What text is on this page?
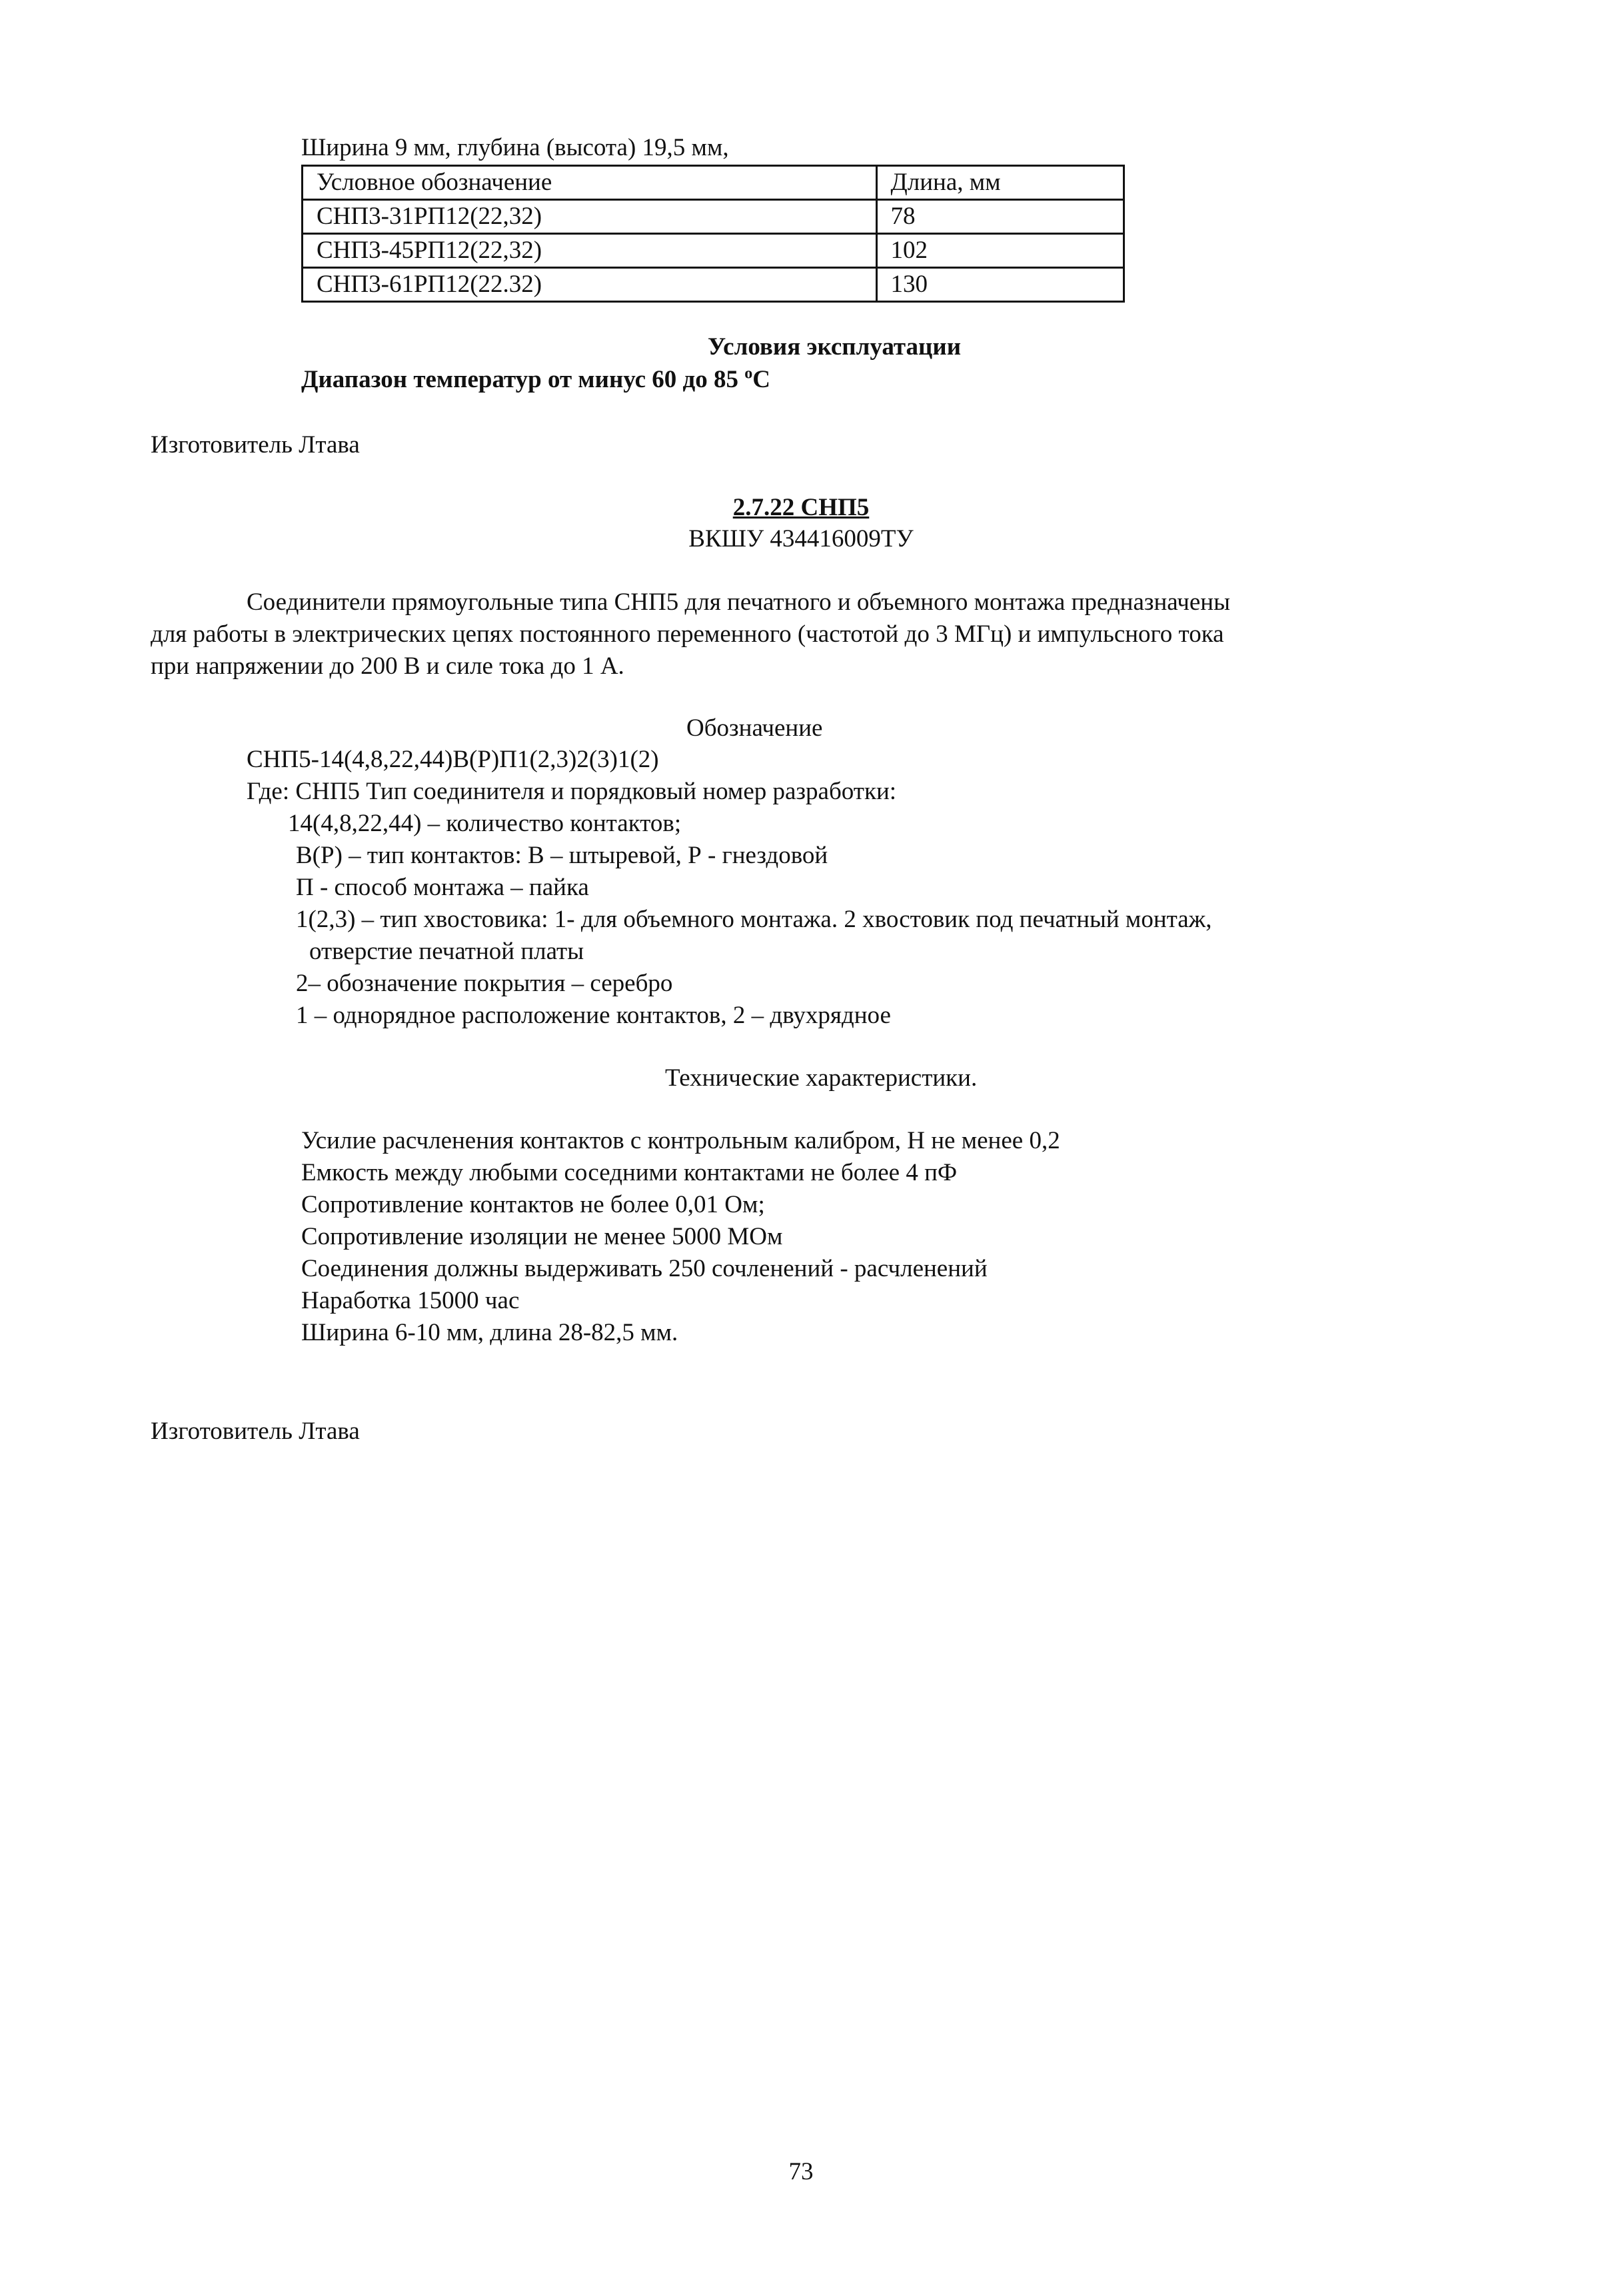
Ширина 9 мм, глубина (высота) 19,5 мм,
Условное обозначение	Длина, мм
СНП3-31РП12(22,32)	78
СНП3-45РП12(22,32)	102
СНП3-61РП12(22.32)	130
Условия эксплуатации
Диапазон температур от минус 60 до 85 $^o$C
Изготовитель Лтава
2.7.22 СНП5
ВКШУ 434416009ТУ
Соединители прямоугольные типа СНП5 для печатного и объемного монтажа предназначены
для работы в электрических цепях постоянного переменного (частотой до 3 МГц) и импульсного тока
при напряжении до 200 В и силе тока до 1 А.
Обозначение
СНП5-14(4,8,22,44)В(Р)П1(2,3)2(3)1(2)
Где: СНП5 Тип соединителя и порядковый номер разработки:
14(4,8,22,44) – количество контактов;
В(Р) – тип контактов: В – штыревой, Р - гнездовой
П - способ монтажа – пайка
1(2,3) – тип хвостовика: 1- для объемного монтажа. 2 хвостовик под печатный монтаж,
отверстие печатной платы
2– обозначение покрытия – серебро
1 – однорядное расположение контактов, 2 – двухрядное
Технические характеристики.
Усилие расчленения контактов с контрольным калибром, Н не менее 0,2
Емкость между любыми соседними контактами не более 4 пФ
Сопротивление контактов не более 0,01 Ом;
Сопротивление изоляции не менее 5000 МОм
Соединения должны выдерживать 250 сочленений - расчленений
Наработка 15000 час
Ширина 6-10 мм, длина 28-82,5 мм.
Изготовитель Лтава
73
